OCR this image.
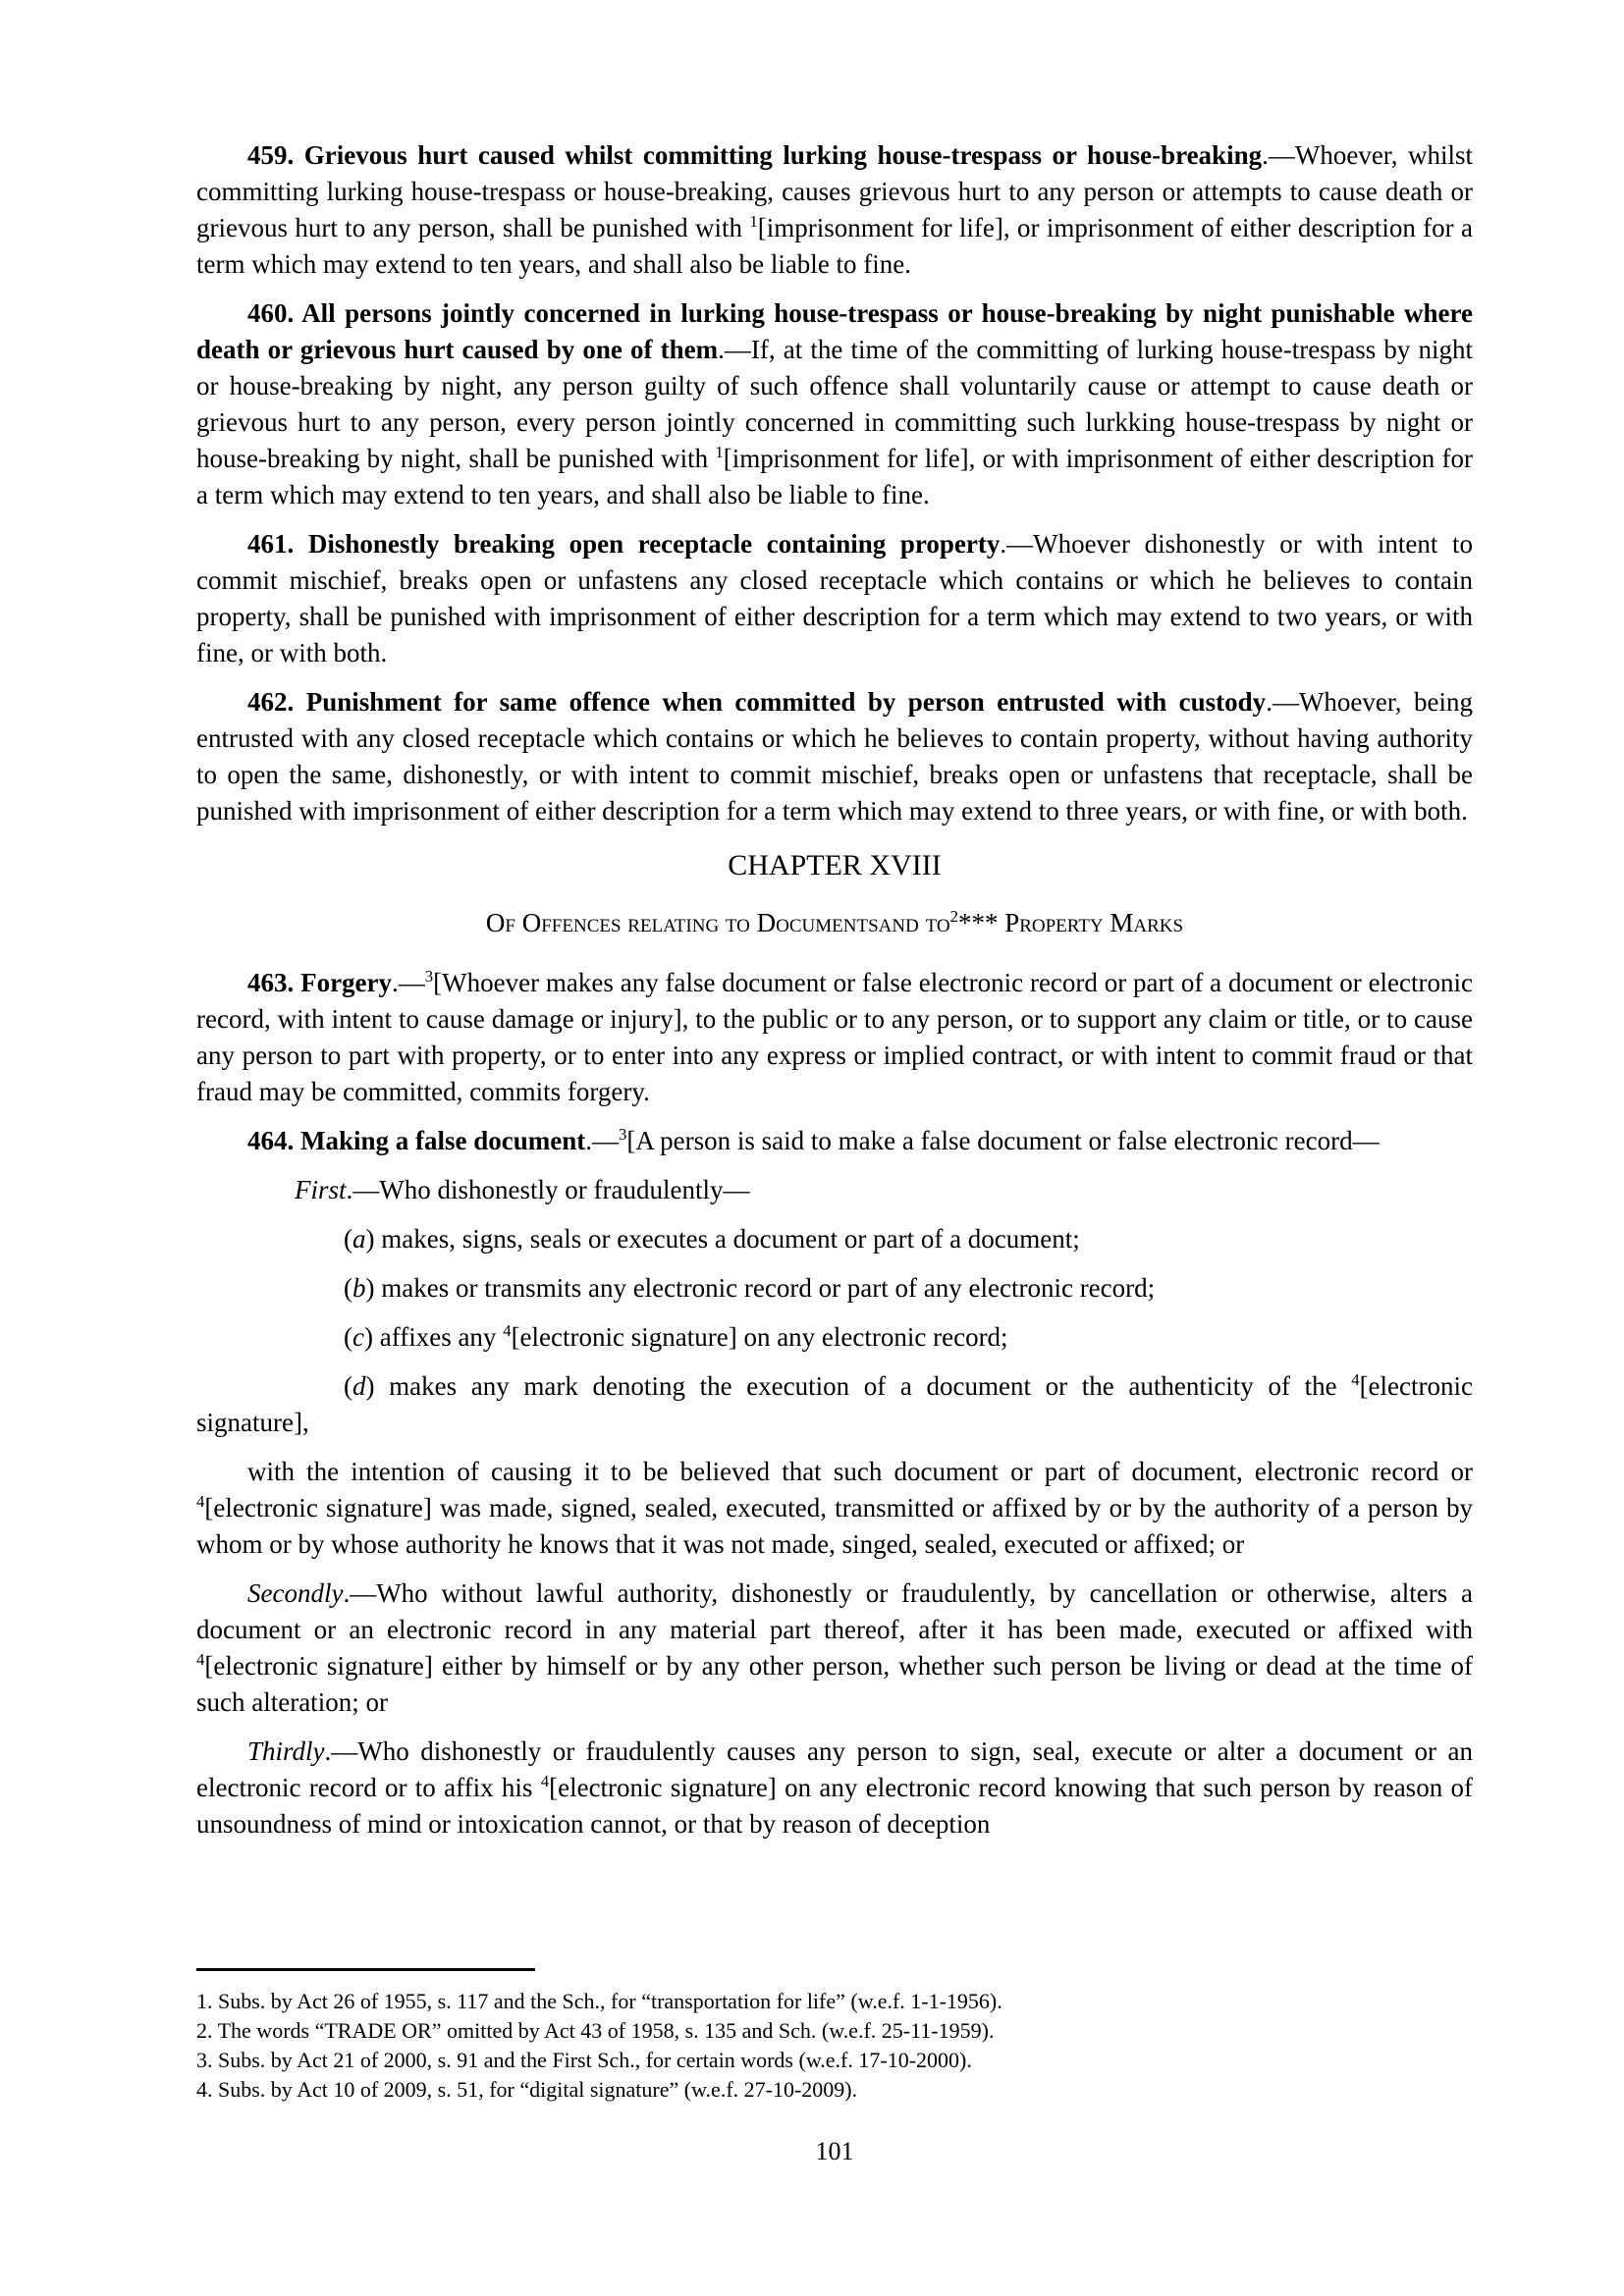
459. Grievous hurt caused whilst committing lurking house-trespass or house-breaking.—Whoever, whilst committing lurking house-trespass or house-breaking, causes grievous hurt to any person or attempts to cause death or grievous hurt to any person, shall be punished with $^1$[imprisonment for life], or imprisonment of either description for a term which may extend to ten years, and shall also be liable to fine.

460. All persons jointly concerned in lurking house-trespass or house-breaking by night punishable where death or grievous hurt caused by one of them.—If, at the time of the committing of lurking house-trespass by night or house-breaking by night, any person guilty of such offence shall voluntarily cause or attempt to cause death or grievous hurt to any person, every person jointly concerned in committing such lurkking house-trespass by night or house-breaking by night, shall be punished with $^1$[imprisonment for life], or with imprisonment of either description for a term which may extend to ten years, and shall also be liable to fine.

461. Dishonestly breaking open receptacle containing property.—Whoever dishonestly or with intent to commit mischief, breaks open or unfastens any closed receptacle which contains or which he believes to contain property, shall be punished with imprisonment of either description for a term which may extend to two years, or with fine, or with both.

462. Punishment for same offence when committed by person entrusted with custody.—Whoever, being entrusted with any closed receptacle which contains or which he believes to contain property, without having authority to open the same, dishonestly, or with intent to commit mischief, breaks open or unfastens that receptacle, shall be punished with imprisonment of either description for a term which may extend to three years, or with fine, or with both.

CHAPTER XVIII

Of Offences relating to Documentsand $to^2***$ Property Marks

463. Forgery.—$^3$[Whoever makes any false document or false electronic record or part of a document or electronic record, with intent to cause damage or injury], to the public or to any person, or to support any claim or title, or to cause any person to part with property, or to enter into any express or implied contract, or with intent to commit fraud or that fraud may be committed, commits forgery.

464. Making a false document.—$^3$[A person is said to make a false document or false electronic record—

First.—Who dishonestly or fraudulently—

(a) makes, signs, seals or executes a document or part of a document;

(b) makes or transmits any electronic record or part of any electronic record;

(c) affixes any $^4$[electronic signature] on any electronic record;

(d) makes any mark denoting the execution of a document or the authenticity of the $^4$[electronic signature],

with the intention of causing it to be believed that such document or part of document, electronic record or $^4$[electronic signature] was made, signed, sealed, executed, transmitted or affixed by or by the authority of a person by whom or by whose authority he knows that it was not made, singed, sealed, executed or affixed; or

Secondly.—Who without lawful authority, dishonestly or fraudulently, by cancellation or otherwise, alters a document or an electronic record in any material part thereof, after it has been made, executed or affixed with $^4$[electronic signature] either by himself or by any other person, whether such person be living or dead at the time of such alteration; or

Thirdly.—Who dishonestly or fraudulently causes any person to sign, seal, execute or alter a document or an electronic record or to affix his $^4$[electronic signature] on any electronic record knowing that such person by reason of unsoundness of mind or intoxication cannot, or that by reason of deception

1. Subs. by Act 26 of 1955, s. 117 and the Sch., for “transportation for life” (w.e.f. 1-1-1956).
2. The words “TRADE OR” omitted by Act 43 of 1958, s. 135 and Sch. (w.e.f. 25-11-1959).
3. Subs. by Act 21 of 2000, s. 91 and the First Sch., for certain words (w.e.f. 17-10-2000).
4. Subs. by Act 10 of 2009, s. 51, for “digital signature” (w.e.f. 27-10-2009).
101
